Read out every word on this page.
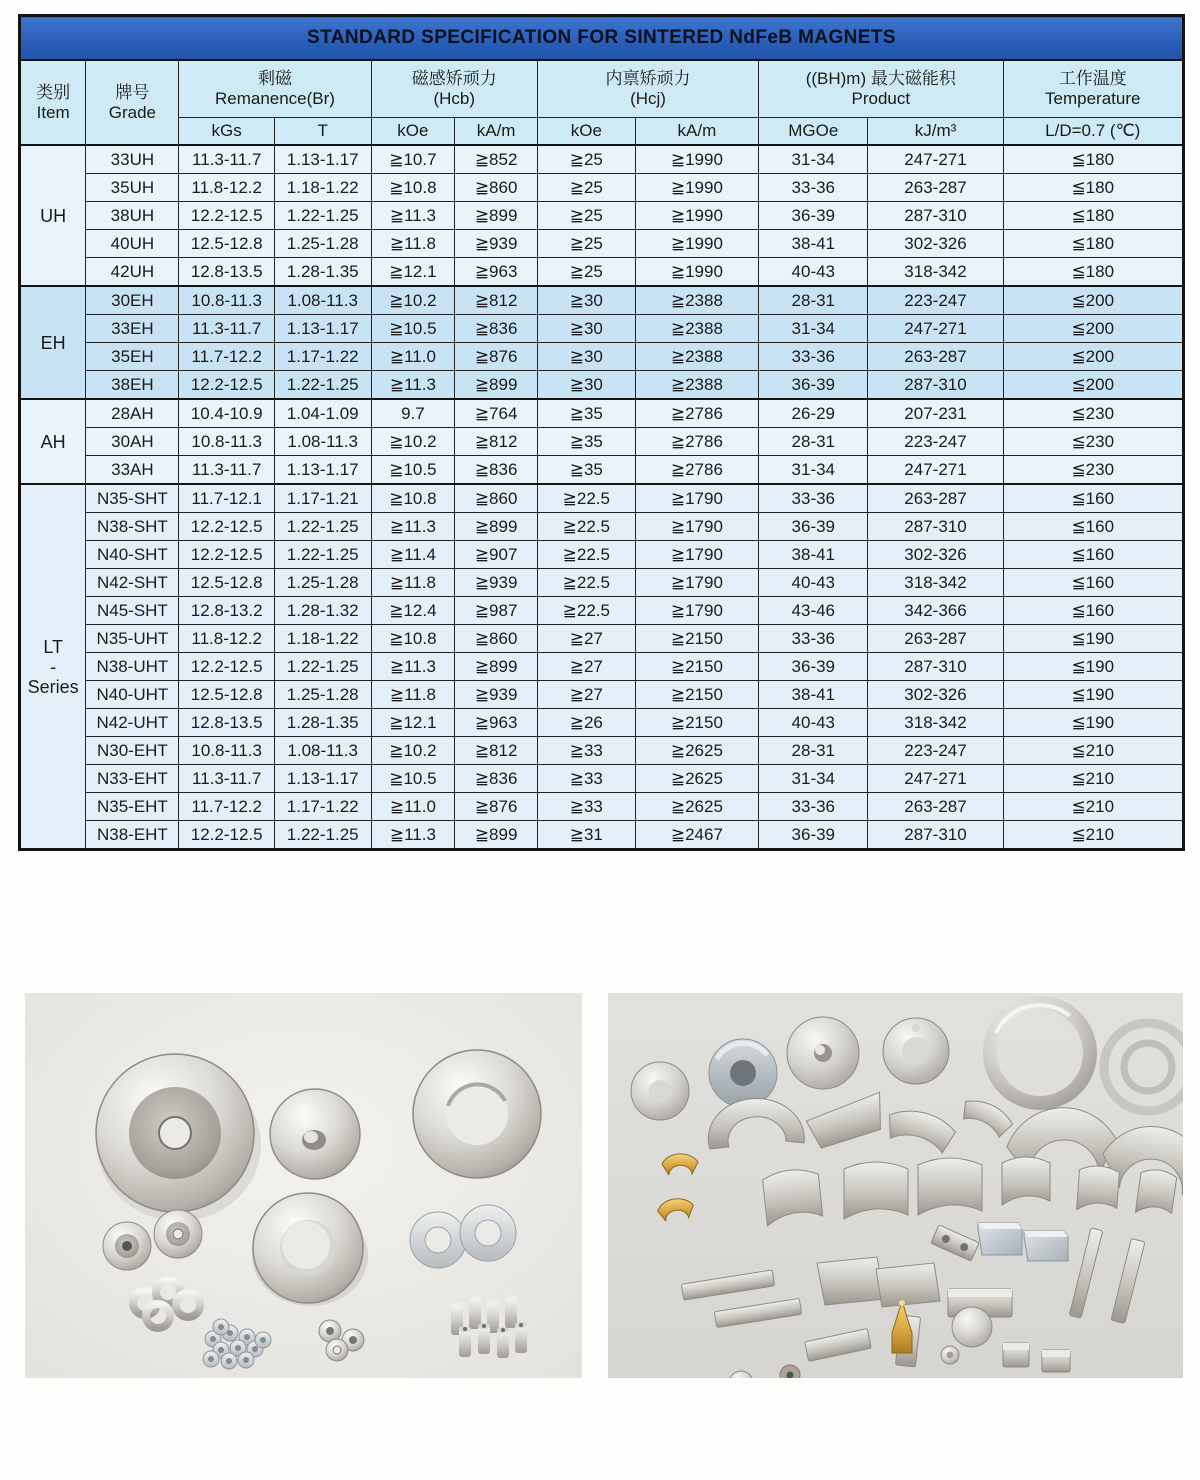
STANDARD SPECIFICATION FOR SINTERED NdFeB MAGNETS										

类别
Item

牌号
Grade

剩磁
Remanence(Br)

磁感矫顽力
(Hcb)

内禀矫顽力
(Hcj)

((BH)m) 最大磁能积
Product

工作温度
Temperature

		kGs	T	kOe	kA/m	kOe	kA/m	MGOe	kJ/m³	L/D=0.7 (℃)

UH	33UH	11.3-11.7	1.13-1.17	≧10.7	≧852	≧25	≧1990	31-34	247-271	≦180
	35UH	11.8-12.2	1.18-1.22	≧10.8	≧860	≧25	≧1990	33-36	263-287	≦180
	38UH	12.2-12.5	1.22-1.25	≧11.3	≧899	≧25	≧1990	36-39	287-310	≦180
	40UH	12.5-12.8	1.25-1.28	≧11.8	≧939	≧25	≧1990	38-41	302-326	≦180
	42UH	12.8-13.5	1.28-1.35	≧12.1	≧963	≧25	≧1990	40-43	318-342	≦180

EH	30EH	10.8-11.3	1.08-11.3	≧10.2	≧812	≧30	≧2388	28-31	223-247	≦200
	33EH	11.3-11.7	1.13-1.17	≧10.5	≧836	≧30	≧2388	31-34	247-271	≦200
	35EH	11.7-12.2	1.17-1.22	≧11.0	≧876	≧30	≧2388	33-36	263-287	≦200
	38EH	12.2-12.5	1.22-1.25	≧11.3	≧899	≧30	≧2388	36-39	287-310	≦200

AH	28AH	10.4-10.9	1.04-1.09	9.7	≧764	≧35	≧2786	26-29	207-231	≦230
	30AH	10.8-11.3	1.08-11.3	≧10.2	≧812	≧35	≧2786	28-31	223-247	≦230
	33AH	11.3-11.7	1.13-1.17	≧10.5	≧836	≧35	≧2786	31-34	247-271	≦230

LT
-
Series	N35-SHT	11.7-12.1	1.17-1.21	≧10.8	≧860	≧22.5	≧1790	33-36	263-287	≦160
	N38-SHT	12.2-12.5	1.22-1.25	≧11.3	≧899	≧22.5	≧1790	36-39	287-310	≦160
	N40-SHT	12.2-12.5	1.22-1.25	≧11.4	≧907	≧22.5	≧1790	38-41	302-326	≦160
	N42-SHT	12.5-12.8	1.25-1.28	≧11.8	≧939	≧22.5	≧1790	40-43	318-342	≦160
	N45-SHT	12.8-13.2	1.28-1.32	≧12.4	≧987	≧22.5	≧1790	43-46	342-366	≦160
	N35-UHT	11.8-12.2	1.18-1.22	≧10.8	≧860	≧27	≧2150	33-36	263-287	≦190
	N38-UHT	12.2-12.5	1.22-1.25	≧11.3	≧899	≧27	≧2150	36-39	287-310	≦190
	N40-UHT	12.5-12.8	1.25-1.28	≧11.8	≧939	≧27	≧2150	38-41	302-326	≦190
	N42-UHT	12.8-13.5	1.28-1.35	≧12.1	≧963	≧26	≧2150	40-43	318-342	≦190
	N30-EHT	10.8-11.3	1.08-11.3	≧10.2	≧812	≧33	≧2625	28-31	223-247	≦210
	N33-EHT	11.3-11.7	1.13-1.17	≧10.5	≧836	≧33	≧2625	31-34	247-271	≦210
	N35-EHT	11.7-12.2	1.17-1.22	≧11.0	≧876	≧33	≧2625	33-36	263-287	≦210
	N38-EHT	12.2-12.5	1.22-1.25	≧11.3	≧899	≧31	≧2467	36-39	287-310	≦210
